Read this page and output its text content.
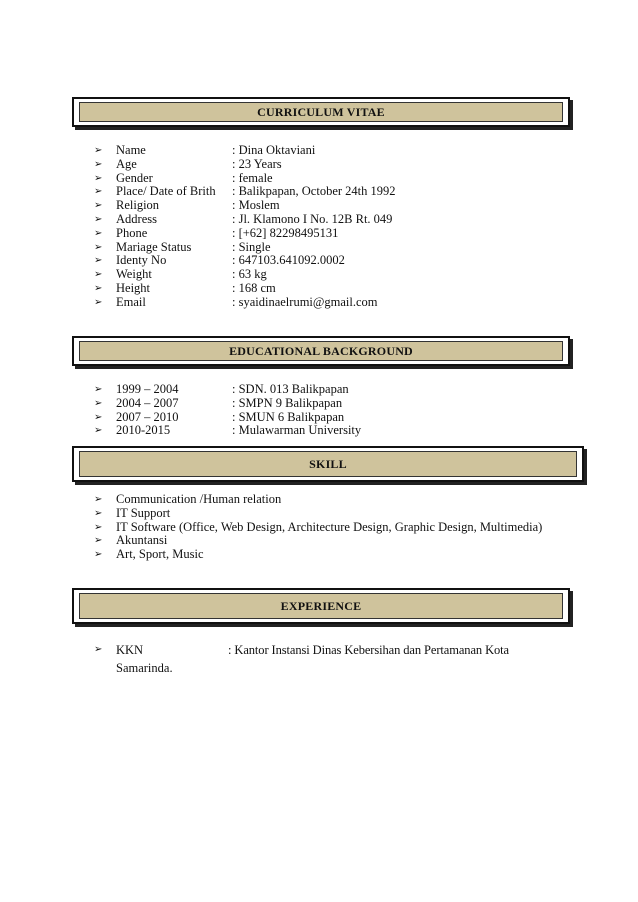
CURRICULUM VITAE
➢	Name	: Dina Oktaviani
➢	Age	: 23 Years
➢	Gender	: female
➢	Place/ Date of Brith	: Balikpapan, October 24th 1992
➢	Religion	: Moslem
➢	Address	: Jl. Klamono I No. 12B Rt. 049
➢	Phone	: [+62] 82298495131
➢	Mariage Status	: Single
➢	Identy No	: 647103.641092.0002
➢	Weight	: 63 kg
➢	Height	: 168 cm
➢	Email	: syaidinaelrumi@gmail.com
EDUCATIONAL BACKGROUND
➢	1999 – 2004	: SDN. 013 Balikpapan
➢	2004 – 2007	: SMPN 9 Balikpapan
➢	2007 – 2010	: SMUN 6 Balikpapan
➢	2010-2015	: Mulawarman University
SKILL
➢	Communication /Human relation
➢	IT Support
➢	IT Software (Office, Web Design, Architecture Design, Graphic Design, Multimedia)
➢	Akuntansi
➢	Art, Sport, Music
EXPERIENCE
➢	KKN	: Kantor Instansi Dinas Kebersihan dan Pertamanan Kota
Samarinda.
